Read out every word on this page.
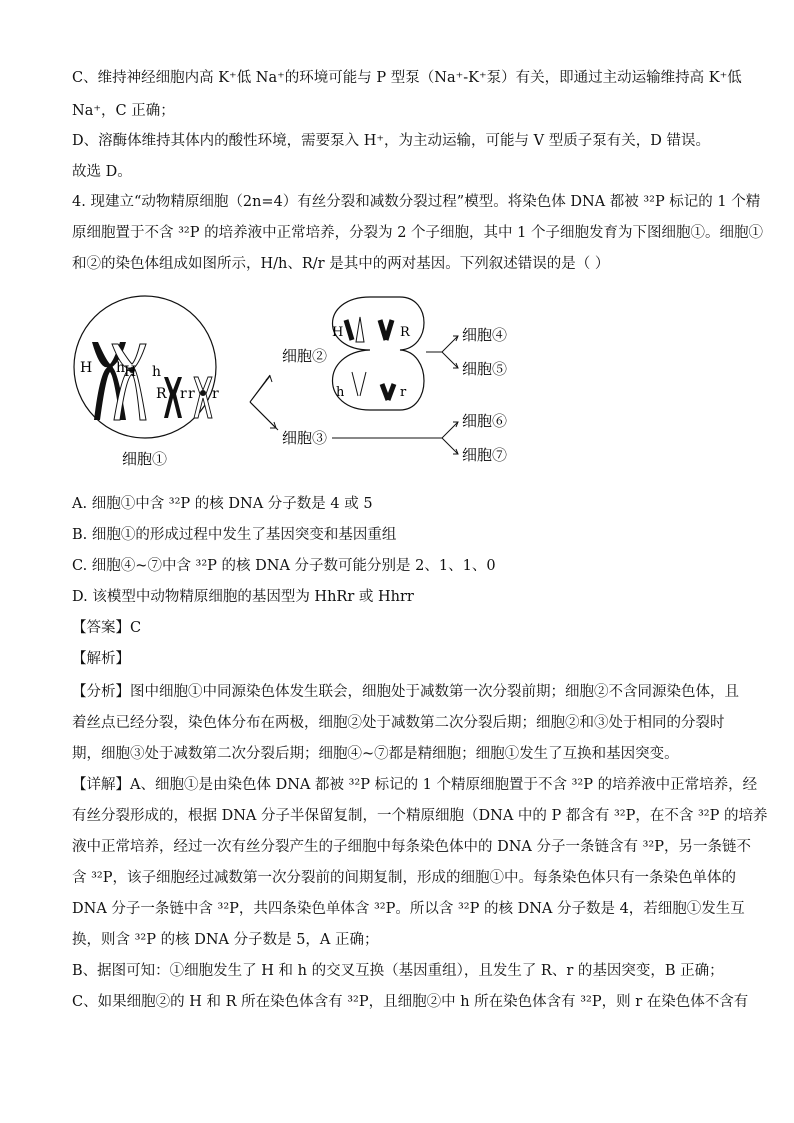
C、维持神经细胞内高 K⁺低 Na⁺的环境可能与 P 型泵（Na⁺-K⁺泵）有关，即通过主动运输维持高 K⁺低
Na⁺，C 正确；
D、溶酶体维持其体内的酸性环境，需要泵入 H⁺，为主动运输，可能与 V 型质子泵有关，D 错误。
故选 D。
4. 现建立“动物精原细胞（2n=4）有丝分裂和减数分裂过程”模型。将染色体 DNA 都被 ³²P 标记的 1 个精
原细胞置于不含 ³²P 的培养液中正常培养，分裂为 2 个子细胞，其中 1 个子细胞发育为下图细胞①。细胞①
和②的染色体组成如图所示，H/h、R/r 是其中的两对基因。下列叙述错误的是（ ）
H h
H h
R r r r
细胞①
细胞②
细胞③
H	R
h	r
细胞④
细胞⑤
细胞⑥
细胞⑦
A. 细胞①中含 ³²P 的核 DNA 分子数是 4 或 5
B. 细胞①的形成过程中发生了基因突变和基因重组
C. 细胞④~⑦中含 ³²P 的核 DNA 分子数可能分别是 2、1、1、0
D. 该模型中动物精原细胞的基因型为 HhRr 或 Hhrr
【答案】C
【解析】
【分析】图中细胞①中同源染色体发生联会，细胞处于减数第一次分裂前期；细胞②不含同源染色体，且
着丝点已经分裂，染色体分布在两极，细胞②处于减数第二次分裂后期；细胞②和③处于相同的分裂时
期，细胞③处于减数第二次分裂后期；细胞④~⑦都是精细胞；细胞①发生了互换和基因突变。
【详解】A、细胞①是由染色体 DNA 都被 ³²P 标记的 1 个精原细胞置于不含 ³²P 的培养液中正常培养，经
有丝分裂形成的，根据 DNA 分子半保留复制，一个精原细胞（DNA 中的 P 都含有 ³²P，在不含 ³²P 的培养
液中正常培养，经过一次有丝分裂产生的子细胞中每条染色体中的 DNA 分子一条链含有 ³²P，另一条链不
含 ³²P，该子细胞经过减数第一次分裂前的间期复制，形成的细胞①中。每条染色体只有一条染色单体的
DNA 分子一条链中含 ³²P，共四条染色单体含 ³²P。所以含 ³²P 的核 DNA 分子数是 4，若细胞①发生互
换，则含 ³²P 的核 DNA 分子数是 5，A 正确；
B、据图可知：①细胞发生了 H 和 h 的交叉互换（基因重组），且发生了 R、r 的基因突变，B 正确；
C、如果细胞②的 H 和 R 所在染色体含有 ³²P，且细胞②中 h 所在染色体含有 ³²P，则 r 在染色体不含有
